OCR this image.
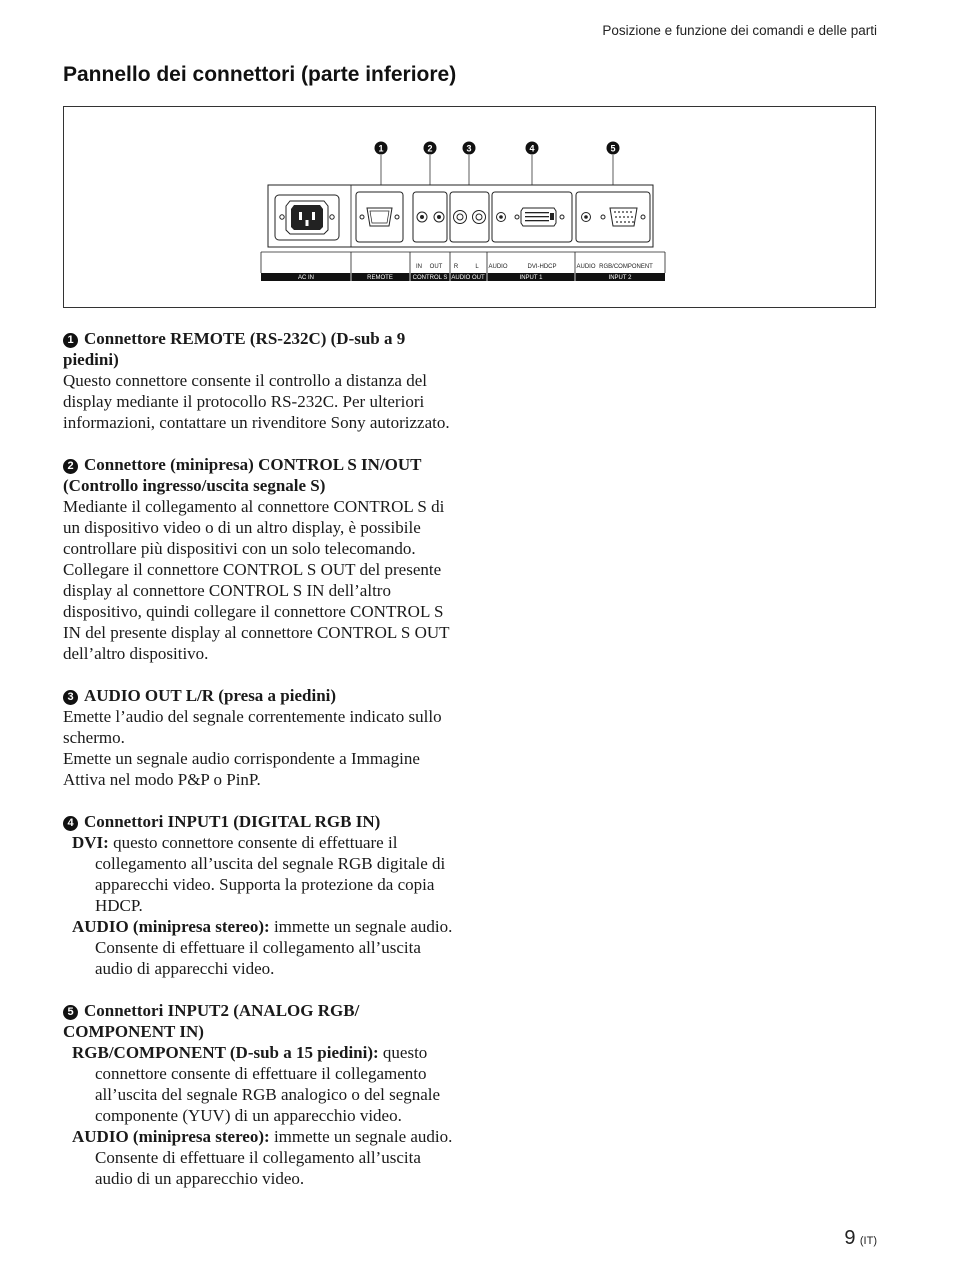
Posizione e funzione dei comandi e delle parti
Pannello dei connettori (parte inferiore)
1	2	3	4	5
IN OUT R	L AUDIO	DVI-HDCP	AUDIO RGB/COMPONENT
AC IN	REMOTE	CONTROL S AUDIO OUT	INPUT 1	INPUT 2
1 Connettore REMOTE (RS-232C) (D-sub a 9 piedini)

Questo connettore consente il controllo a distanza del display mediante il protocollo RS-232C. Per ulteriori informazioni, contattare un rivenditore Sony autorizzato.

2 Connettore (minipresa) CONTROL S IN/OUT (Controllo ingresso/uscita segnale S)

Mediante il collegamento al connettore CONTROL S di un dispositivo video o di un altro display, è possibile controllare più dispositivi con un solo telecomando. Collegare il connettore CONTROL S OUT del presente display al connettore CONTROL S IN dell’altro dispositivo, quindi collegare il connettore CONTROL S IN del presente display al connettore CONTROL S OUT dell’altro dispositivo.

3 AUDIO OUT L/R (presa a piedini)

Emette l’audio del segnale correntemente indicato sullo schermo.

Emette un segnale audio corrispondente a Immagine Attiva nel modo P&P o PinP.

4 Connettori INPUT1 (DIGITAL RGB IN)

DVI: questo connettore consente di effettuare il collegamento all’uscita del segnale RGB digitale di apparecchi video. Supporta la protezione da copia HDCP.

AUDIO (minipresa stereo): immette un segnale audio. Consente di effettuare il collegamento all’uscita audio di apparecchi video.

5 Connettori INPUT2 (ANALOG RGB/ COMPONENT IN)

RGB/COMPONENT (D-sub a 15 piedini): questo connettore consente di effettuare il collegamento all’uscita del segnale RGB analogico o del segnale componente (YUV) di un apparecchio video.

AUDIO (minipresa stereo): immette un segnale audio. Consente di effettuare il collegamento all’uscita audio di un apparecchio video.

9 (IT)
